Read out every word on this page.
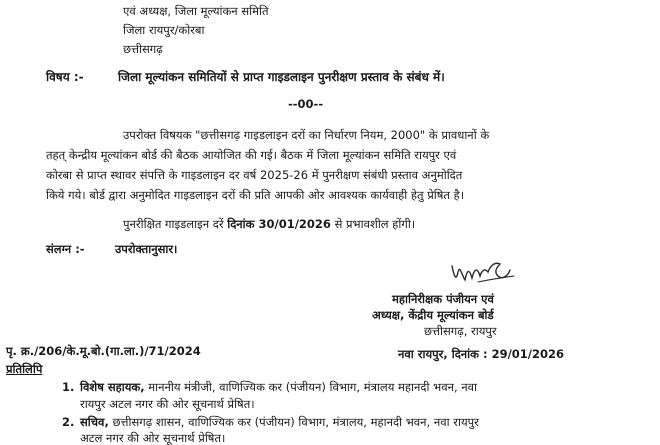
एवं अध्यक्ष, जिला मूल्यांकन समिति
जिला रायपुर/कोरबा
छत्तीसगढ़
विषय :-	जिला मूल्यांकन समितियों से प्राप्त गाइडलाइन पुनरीक्षण प्रस्ताव के संबंध में।
--00--
उपरोक्त विषयक "छत्तीसगढ़ गाइडलाइन दरों का निर्धारण नियम, 2000" के प्रावधानों के
तहत् केन्द्रीय मूल्यांकन बोर्ड की बैठक आयोजित की गई। बैठक में जिला मूल्यांकन समिति रायपुर एवं
कोरबा से प्राप्त स्थावर संपत्ति के गाइडलाइन दर वर्ष 2025-26 में पुनरीक्षण संबंधी प्रस्ताव अनुमोदित
किये गये। बोर्ड द्वारा अनुमोदित गाइडलाइन दरों की प्रति आपकी ओर आवश्यक कार्यवाही हेतु प्रेषित है।
पुनरीक्षित गाइडलाइन दरें दिनांक 30/01/2026 से प्रभावशील होंगी।
संलग्न :-	उपरोक्तानुसार।
महानिरीक्षक पंजीयन एवं
अध्यक्ष, केंद्रीय मूल्यांकन बोर्ड
छत्तीसगढ़, रायपुर
पृ. क्र./206/के.मू.बो.(गा.ला.)/71/2024	नवा रायपुर, दिनांक : 29/01/2026
प्रतिलिपि
1. विशेष सहायक, माननीय मंत्रीजी, वाणिज्यिक कर (पंजीयन) विभाग, मंत्रालय महानदी भवन, नवा
रायपुर अटल नगर की ओर सूचनार्थ प्रेषित।
2. सचिव, छत्तीसगढ़ शासन, वाणिज्यिक कर (पंजीयन) विभाग, मंत्रालय, महानदी भवन, नवा रायपुर
अटल नगर की ओर सूचनार्थ प्रेषित।
